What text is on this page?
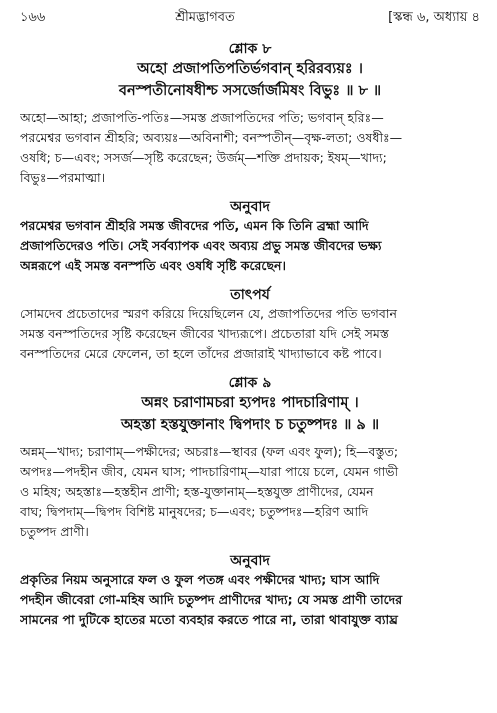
১৬৬	শ্রীমদ্ভাগবত	[স্কন্ধ ৬, অধ্যায় ৪
শ্লোক ৮
অহো প্রজাপতিপতির্ভগবান্ হরিরব্যয়ঃ ।
বনস্পতীনোষধীশ্চ সসর্জোর্জমিষং বিভুঃ ॥ ৮ ॥
অহো—আহা; প্রজাপতি-পতিঃ—সমস্ত প্রজাপতিদের পতি; ভগবান্ হরিঃ—
পরমেশ্বর ভগবান শ্রীহরি; অব্যয়ঃ—অবিনাশী; বনস্পতীন্—বৃক্ষ-লতা; ওষধীঃ—
ওষধি; চ—এবং; সসর্জ—সৃষ্টি করেছেন; উর্জম্—শক্তি প্রদায়ক; ইষম্—খাদ্য;
বিভুঃ—পরমাত্মা।
অনুবাদ
পরমেশ্বর ভগবান শ্রীহরি সমস্ত জীবদের পতি, এমন কি তিনি ব্রহ্মা আদি
প্রজাপতিদেরও পতি। সেই সর্বব্যাপক এবং অব্যয় প্রভু সমস্ত জীবদের ভক্ষ্য
অন্নরূপে এই সমস্ত বনস্পতি এবং ওষধি সৃষ্টি করেছেন।
তাৎপর্য
সোমদেব প্রচেতাদের স্মরণ করিয়ে দিয়েছিলেন যে, প্রজাপতিদের পতি ভগবান
সমস্ত বনস্পতিদের সৃষ্টি করেছেন জীবের খাদ্যরূপে। প্রচেতারা যদি সেই সমস্ত
বনস্পতিদের মেরে ফেলেন, তা হলে তাঁদের প্রজারাই খাদ্যাভাবে কষ্ট পাবে।
শ্লোক ৯
অন্নং চরাণামচরা হ্যপদঃ পাদচারিণাম্ ।
অহস্তা হস্তযুক্তানাং দ্বিপদাং চ চতুষ্পদঃ ॥ ৯ ॥
অন্নম্—খাদ্য; চরাণাম্—পক্ষীদের; অচরাঃ—স্থাবর (ফল এবং ফুল); হি—বস্তুত;
অপদঃ—পদহীন জীব, যেমন ঘাস; পাদচারিণাম্—যারা পায়ে চলে, যেমন গাভী
ও মহিষ; অহস্তাঃ—হস্তহীন প্রাণী; হস্ত-যুক্তানাম্—হস্তযুক্ত প্রাণীদের, যেমন
বাঘ; দ্বিপদাম্—দ্বিপদ বিশিষ্ট মানুষদের; চ—এবং; চতুষ্পদঃ—হরিণ আদি
চতুষ্পদ প্রাণী।
অনুবাদ
প্রকৃতির নিয়ম অনুসারে ফল ও ফুল পতঙ্গ এবং পক্ষীদের খাদ্য; ঘাস আদি
পদহীন জীবেরা গো-মহিষ আদি চতুষ্পদ প্রাণীদের খাদ্য; যে সমস্ত প্রাণী তাদের
সামনের পা দুটিকে হাতের মতো ব্যবহার করতে পারে না, তারা থাবাযুক্ত ব্যাঘ্র
